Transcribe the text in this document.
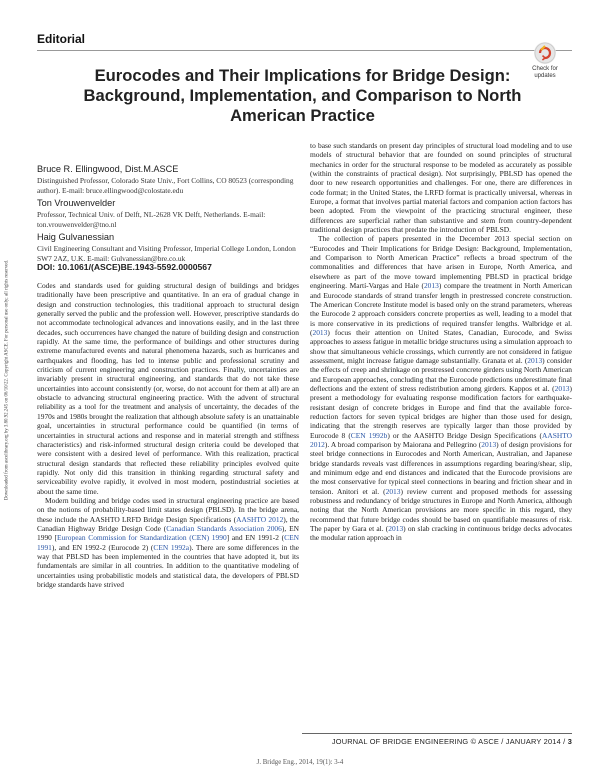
Editorial
Check for
updates
Eurocodes and Their Implications for Bridge Design: Background, Implementation, and Comparison to North American Practice
Downloaded from ascelibrary.org by 3.80.92.245 on 06/10/22. Copyright ASCE. For personal use only; all rights reserved.
Bruce R. Ellingwood, Dist.M.ASCE
Distinguished Professor, Colorado State Univ., Fort Collins, CO 80523 (corresponding author). E-mail: bruce.ellingwood@colostate.edu
Ton Vrouwenvelder
Professor, Technical Univ. of Delft, NL-2628 VK Delft, Netherlands. E-mail: ton.vrouwenvelder@tno.nl
Haig Gulvanessian
Civil Engineering Consultant and Visiting Professor, Imperial College London, London SW7 2AZ, U.K. E-mail: Gulvanessian@bre.co.uk
DOI: 10.1061/(ASCE)BE.1943-5592.0000567

Codes and standards used for guiding structural design of buildings and bridges traditionally have been prescriptive and quantitative. In an era of gradual change in design and construction technologies, this traditional approach to structural design generally served the public and the profession well. However, prescriptive standards do not accommodate technological advances and innovations easily, and in the last three decades, such occurrences have changed the nature of building design and construction rapidly. At the same time, the performance of buildings and other structures during extreme manufactured events and natural phenomena hazards, such as hurricanes and earthquakes and flooding, has led to intense public and professional scrutiny and criticism of current engineering and construction practices. Finally, uncertainties are invariably present in structural engineering, and standards that do not take these uncertainties into account consistently (or, worse, do not account for them at all) are an obstacle to advancing structural engineering practice. With the advent of structural reliability as a tool for the treatment and analysis of uncertainty, the decades of the 1970s and 1980s brought the realization that although absolute safety is an unattainable goal, uncertainties in structural performance could be quantified (in terms of uncertainties in structural actions and response and in material strength and stiffness characteristics) and risk-informed structural design criteria could be developed that were consistent with a desired level of performance. With this realization, practical structural design standards that reflected these reliability principles evolved quite rapidly. Not only did this transition in thinking regarding structural safety and serviceability evolve rapidly, it evolved in most modern, postindustrial societies at about the same time.

Modern building and bridge codes used in structural engineering practice are based on the notions of probability-based limit states design (PBLSD). In the bridge arena, these include the AASHTO LRFD Bridge Design Specifications (AASHTO 2012), the Canadian Highway Bridge Design Code (Canadian Standards Association 2006), EN 1990 [European Commission for Standardization (CEN) 1990] and EN 1991-2 (CEN 1991), and EN 1992-2 (Eurocode 2) (CEN 1992a). There are some differences in the way that PBLSD has been implemented in the countries that have adopted it, but its fundamentals are similar in all countries. In addition to the quantitative modeling of uncertainties using probabilistic models and statistical data, the developers of PBLSD bridge standards have strived

to base such standards on present day principles of structural load modeling and to use models of structural behavior that are founded on sound principles of structural mechanics in order for the structural response to be modeled as accurately as possible (within the constraints of practical design). Not surprisingly, PBLSD has opened the door to new research opportunities and challenges. For one, there are differences in code format; in the United States, the LRFD format is practically universal, whereas in Europe, a format that involves partial material factors and companion action factors has been adopted. From the viewpoint of the practicing structural engineer, these differences are superficial rather than substantive and stem from country-dependent traditional design practices that predate the introduction of PBLSD.

The collection of papers presented in the December 2013 special section on “Eurocodes and Their Implications for Bridge Design: Background, Implementation, and Comparison to North American Practice” reflects a broad spectrum of the commonalities and differences that have arisen in Europe, North America, and elsewhere as part of the move toward implementing PBLSD in practical bridge engineering. Martí-Vargas and Hale (2013) compare the treatment in North American and Eurocode standards of strand transfer length in prestressed concrete construction. The American Concrete Institute model is based only on the strand parameters, whereas the Eurocode 2 approach considers concrete properties as well, leading to a model that is more conservative in its predictions of required transfer lengths. Walbridge et al. (2013) focus their attention on United States, Canadian, Eurocode, and Swiss approaches to assess fatigue in metallic bridge structures using a simulation approach to show that simultaneous vehicle crossings, which currently are not considered in fatigue assessment, might increase fatigue damage substantially. Granata et al. (2013) consider the effects of creep and shrinkage on prestressed concrete girders using North American and European approaches, concluding that the Eurocode predictions underestimate final deflections and the extent of stress redistribution among girders. Kappos et al. (2013) present a methodology for evaluating response modification factors for earthquake-resistant design of concrete bridges in Europe and find that the available force-reduction factors for seven typical bridges are higher than those used for design, indicating that the strength reserves are typically larger than those provided by Eurocode 8 (CEN 1992b) or the AASHTO Bridge Design Specifications (AASHTO 2012). A broad comparison by Maiorana and Pellegrino (2013) of design provisions for steel bridge connections in Eurocodes and North American, Australian, and Japanese bridge standards reveals vast differences in assumptions regarding bearing/shear, slip, and minimum edge and end distances and indicated that the Eurocode provisions are the most conservative for typical steel connections in bearing and friction shear and in tension. Anitori et al. (2013) review current and proposed methods for assessing robustness and redundancy of bridge structures in Europe and North America, although noting that the North American provisions are more specific in this regard, they recommend that future bridge codes should be based on quantifiable measures of risk. The paper by Gara et al. (2013) on slab cracking in continuous bridge decks advocates the modular ration approach in

JOURNAL OF BRIDGE ENGINEERING © ASCE / JANUARY 2014 / 3
J. Bridge Eng., 2014, 19(1): 3-4
